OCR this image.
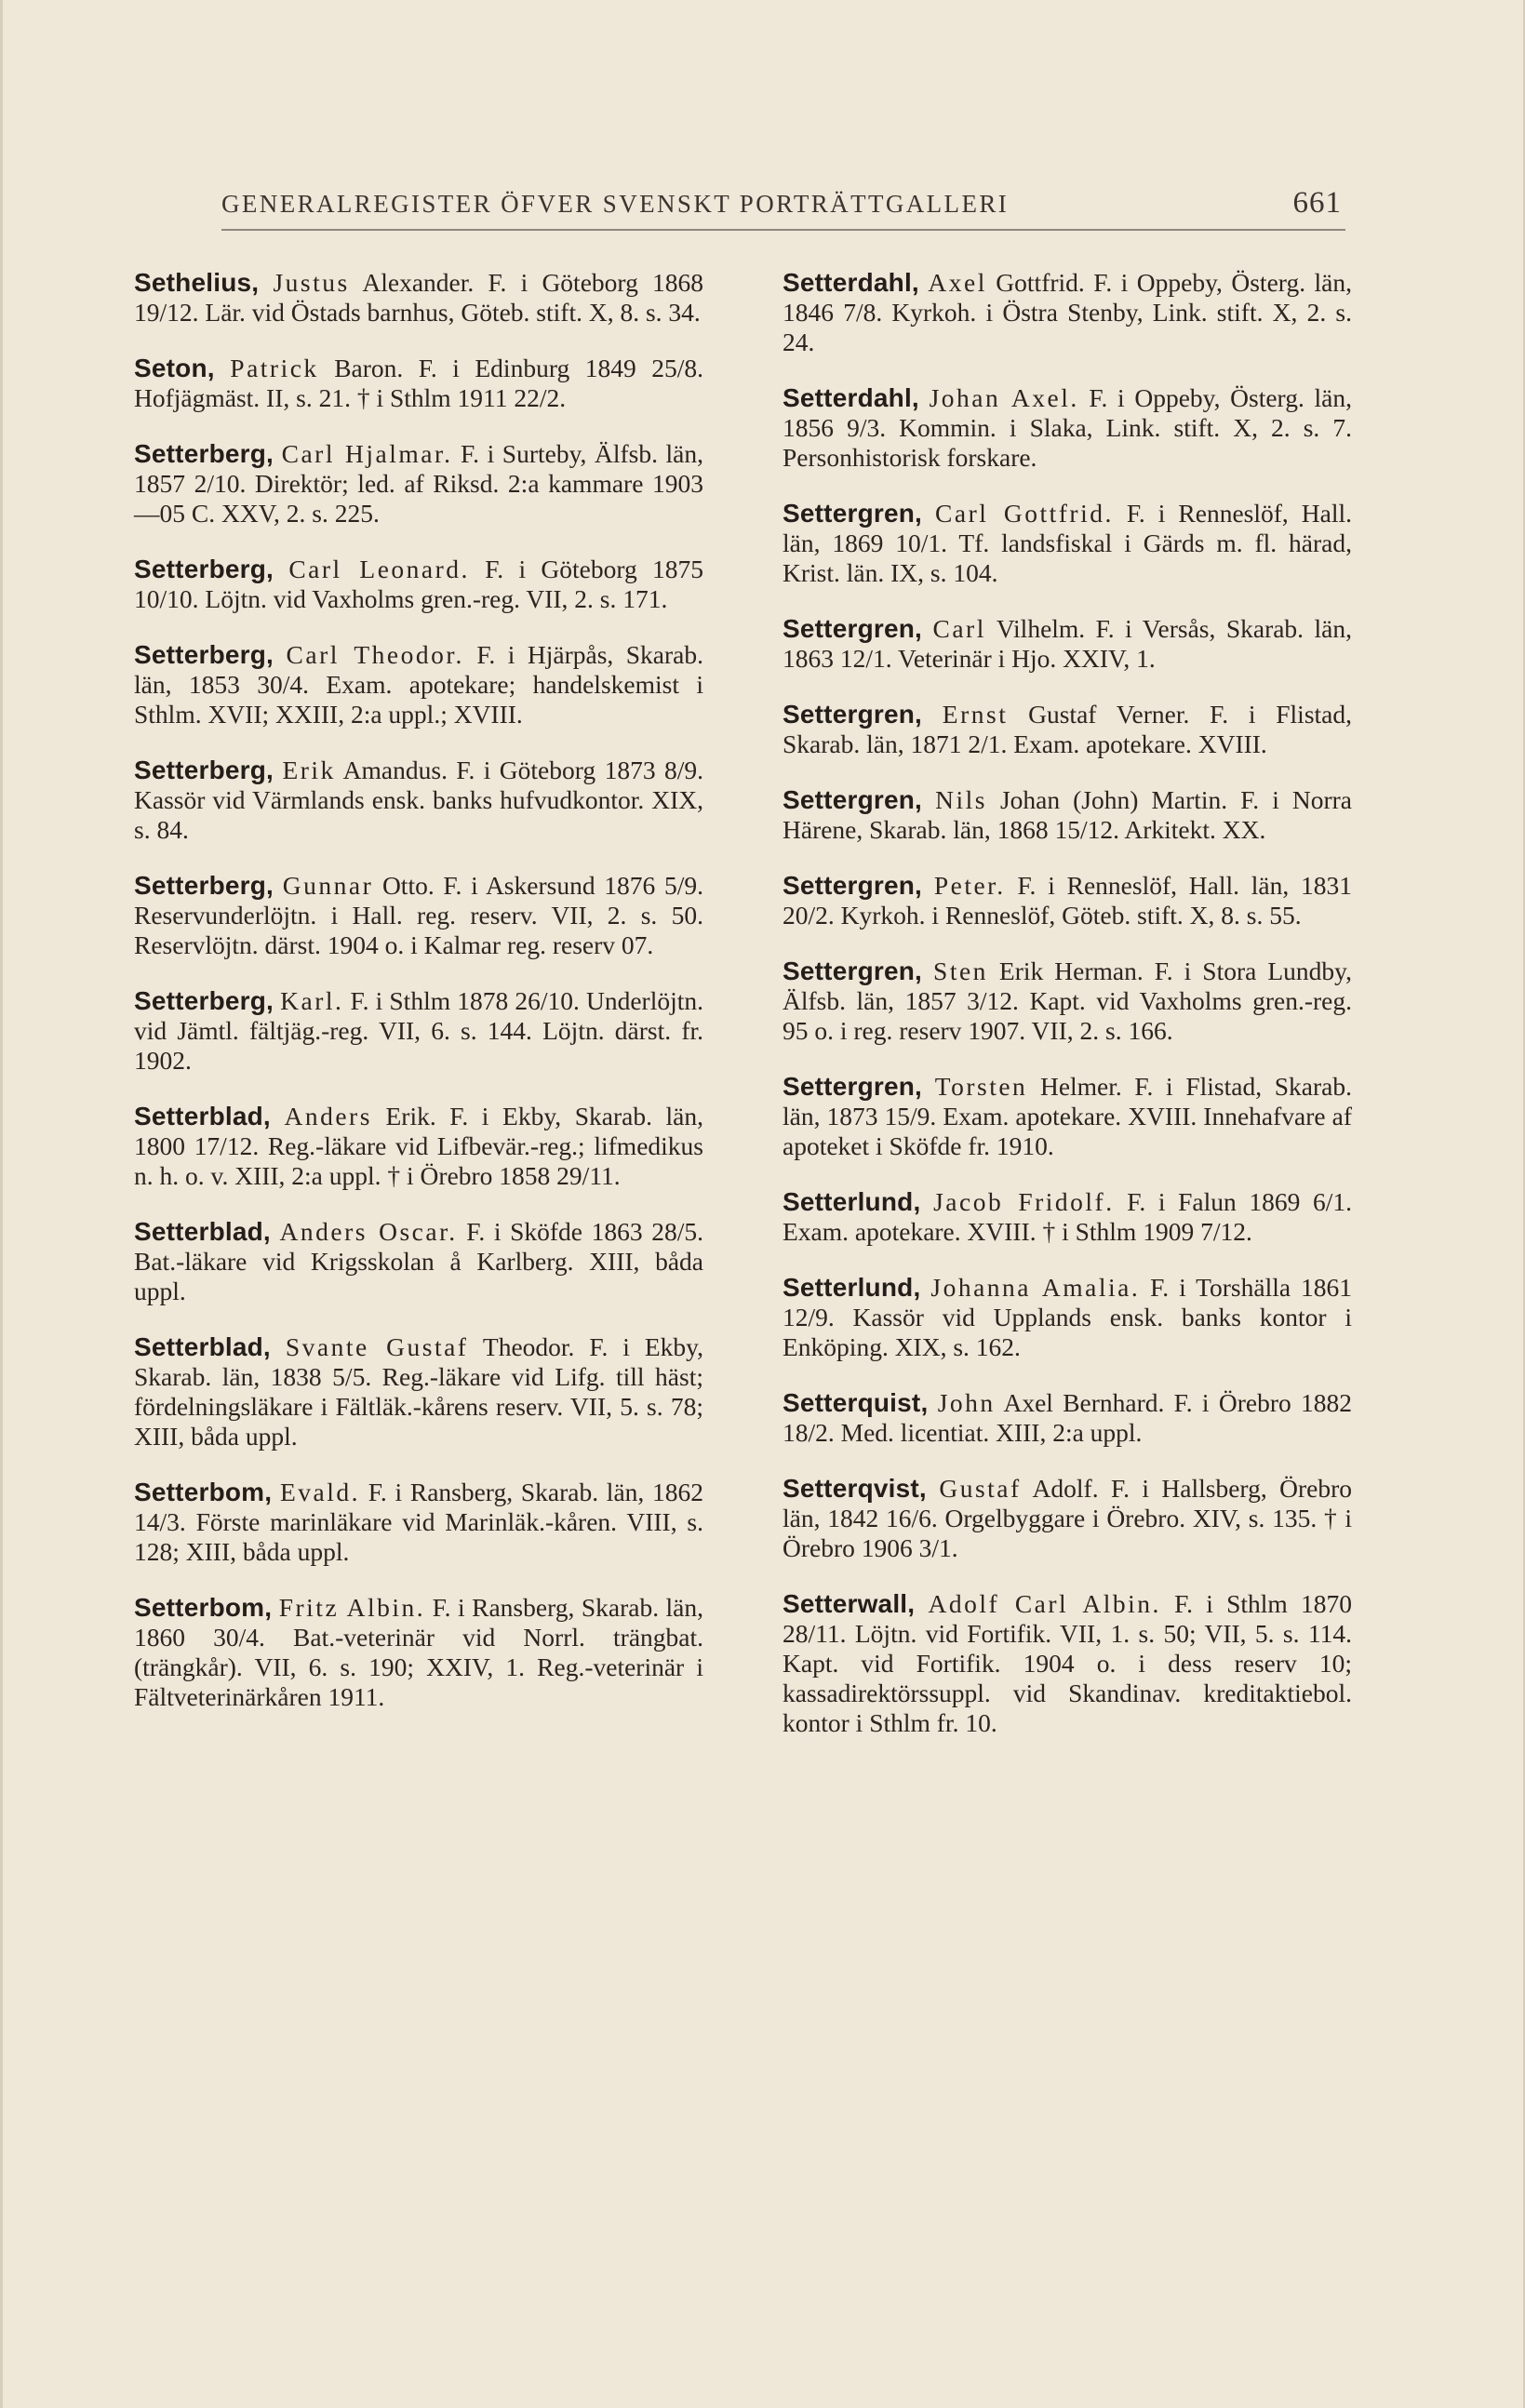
GENERALREGISTER ÖFVER SVENSKT PORTRÄTTGALLERI	661

Sethelius, Justus Alexander. F. i Göteborg 1868 19/12. Lär. vid Östads barnhus, Göteb. stift. X, 8. s. 34.

Seton, Patrick Baron. F. i Edinburg 1849 25/8. Hofjägmäst. II, s. 21. † i Sthlm 1911 22/2.

Setterberg, Carl Hjalmar. F. i Surteby, Älfsb. län, 1857 2/10. Direktör; led. af Riksd. 2:a kammare 1903—05 C. XXV, 2. s. 225.

Setterberg, Carl Leonard. F. i Göteborg 1875 10/10. Löjtn. vid Vaxholms gren.-reg. VII, 2. s. 171.

Setterberg, Carl Theodor. F. i Hjärpås, Skarab. län, 1853 30/4. Exam. apotekare; handelskemist i Sthlm. XVII; XXIII, 2:a uppl.; XVIII.

Setterberg, Erik Amandus. F. i Göteborg 1873 8/9. Kassör vid Värmlands ensk. banks hufvudkontor. XIX, s. 84.

Setterberg, Gunnar Otto. F. i Askersund 1876 5/9. Reservunderlöjtn. i Hall. reg. reserv. VII, 2. s. 50. Reservlöjtn. därst. 1904 o. i Kalmar reg. reserv 07.

Setterberg, Karl. F. i Sthlm 1878 26/10. Underlöjtn. vid Jämtl. fältjäg.-reg. VII, 6. s. 144. Löjtn. därst. fr. 1902.

Setterblad, Anders Erik. F. i Ekby, Skarab. län, 1800 17/12. Reg.-läkare vid Lifbevär.-reg.; lifmedikus n. h. o. v. XIII, 2:a uppl. † i Örebro 1858 29/11.

Setterblad, Anders Oscar. F. i Sköfde 1863 28/5. Bat.-läkare vid Krigsskolan å Karlberg. XIII, båda uppl.

Setterblad, Svante Gustaf Theodor. F. i Ekby, Skarab. län, 1838 5/5. Reg.-läkare vid Lifg. till häst; fördelningsläkare i Fältläk.-kårens reserv. VII, 5. s. 78; XIII, båda uppl.

Setterbom, Evald. F. i Ransberg, Skarab. län, 1862 14/3. Förste marinläkare vid Marinläk.-kåren. VIII, s. 128; XIII, båda uppl.

Setterbom, Fritz Albin. F. i Ransberg, Skarab. län, 1860 30/4. Bat.-veterinär vid Norrl. trängbat. (trängkår). VII, 6. s. 190; XXIV, 1. Reg.-veterinär i Fältveterinärkåren 1911.

Setterdahl, Axel Gottfrid. F. i Oppeby, Österg. län, 1846 7/8. Kyrkoh. i Östra Stenby, Link. stift. X, 2. s. 24.

Setterdahl, Johan Axel. F. i Oppeby, Österg. län, 1856 9/3. Kommin. i Slaka, Link. stift. X, 2. s. 7. Personhistorisk forskare.

Settergren, Carl Gottfrid. F. i Renneslöf, Hall. län, 1869 10/1. Tf. landsfiskal i Gärds m. fl. härad, Krist. län. IX, s. 104.

Settergren, Carl Vilhelm. F. i Versås, Skarab. län, 1863 12/1. Veterinär i Hjo. XXIV, 1.

Settergren, Ernst Gustaf Verner. F. i Flistad, Skarab. län, 1871 2/1. Exam. apotekare. XVIII.

Settergren, Nils Johan (John) Martin. F. i Norra Härene, Skarab. län, 1868 15/12. Arkitekt. XX.

Settergren, Peter. F. i Renneslöf, Hall. län, 1831 20/2. Kyrkoh. i Renneslöf, Göteb. stift. X, 8. s. 55.

Settergren, Sten Erik Herman. F. i Stora Lundby, Älfsb. län, 1857 3/12. Kapt. vid Vaxholms gren.-reg. 95 o. i reg. reserv 1907. VII, 2. s. 166.

Settergren, Torsten Helmer. F. i Flistad, Skarab. län, 1873 15/9. Exam. apotekare. XVIII. Innehafvare af apoteket i Sköfde fr. 1910.

Setterlund, Jacob Fridolf. F. i Falun 1869 6/1. Exam. apotekare. XVIII. † i Sthlm 1909 7/12.

Setterlund, Johanna Amalia. F. i Torshälla 1861 12/9. Kassör vid Upplands ensk. banks kontor i Enköping. XIX, s. 162.

Setterquist, John Axel Bernhard. F. i Örebro 1882 18/2. Med. licentiat. XIII, 2:a uppl.

Setterqvist, Gustaf Adolf. F. i Hallsberg, Örebro län, 1842 16/6. Orgelbyggare i Örebro. XIV, s. 135. † i Örebro 1906 3/1.

Setterwall, Adolf Carl Albin. F. i Sthlm 1870 28/11. Löjtn. vid Fortifik. VII, 1. s. 50; VII, 5. s. 114. Kapt. vid Fortifik. 1904 o. i dess reserv 10; kassadirektörssuppl. vid Skandinav. kreditaktiebol. kontor i Sthlm fr. 10.
